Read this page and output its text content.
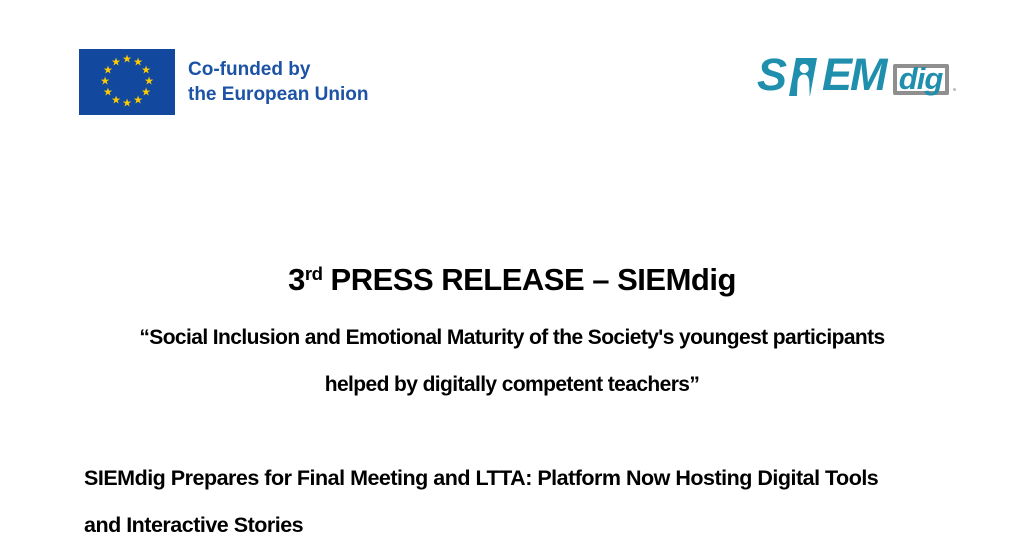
★ ★
★
★
★
★
★
★
★
★
★
★	Co-funded by
the European Union	S EM dig
3rd PRESS RELEASE – SIEMdig
“Social Inclusion and Emotional Maturity of the Society's youngest participants
helped by digitally competent teachers”
SIEMdig Prepares for Final Meeting and LTTA: Platform Now Hosting Digital Tools
and Interactive Stories
